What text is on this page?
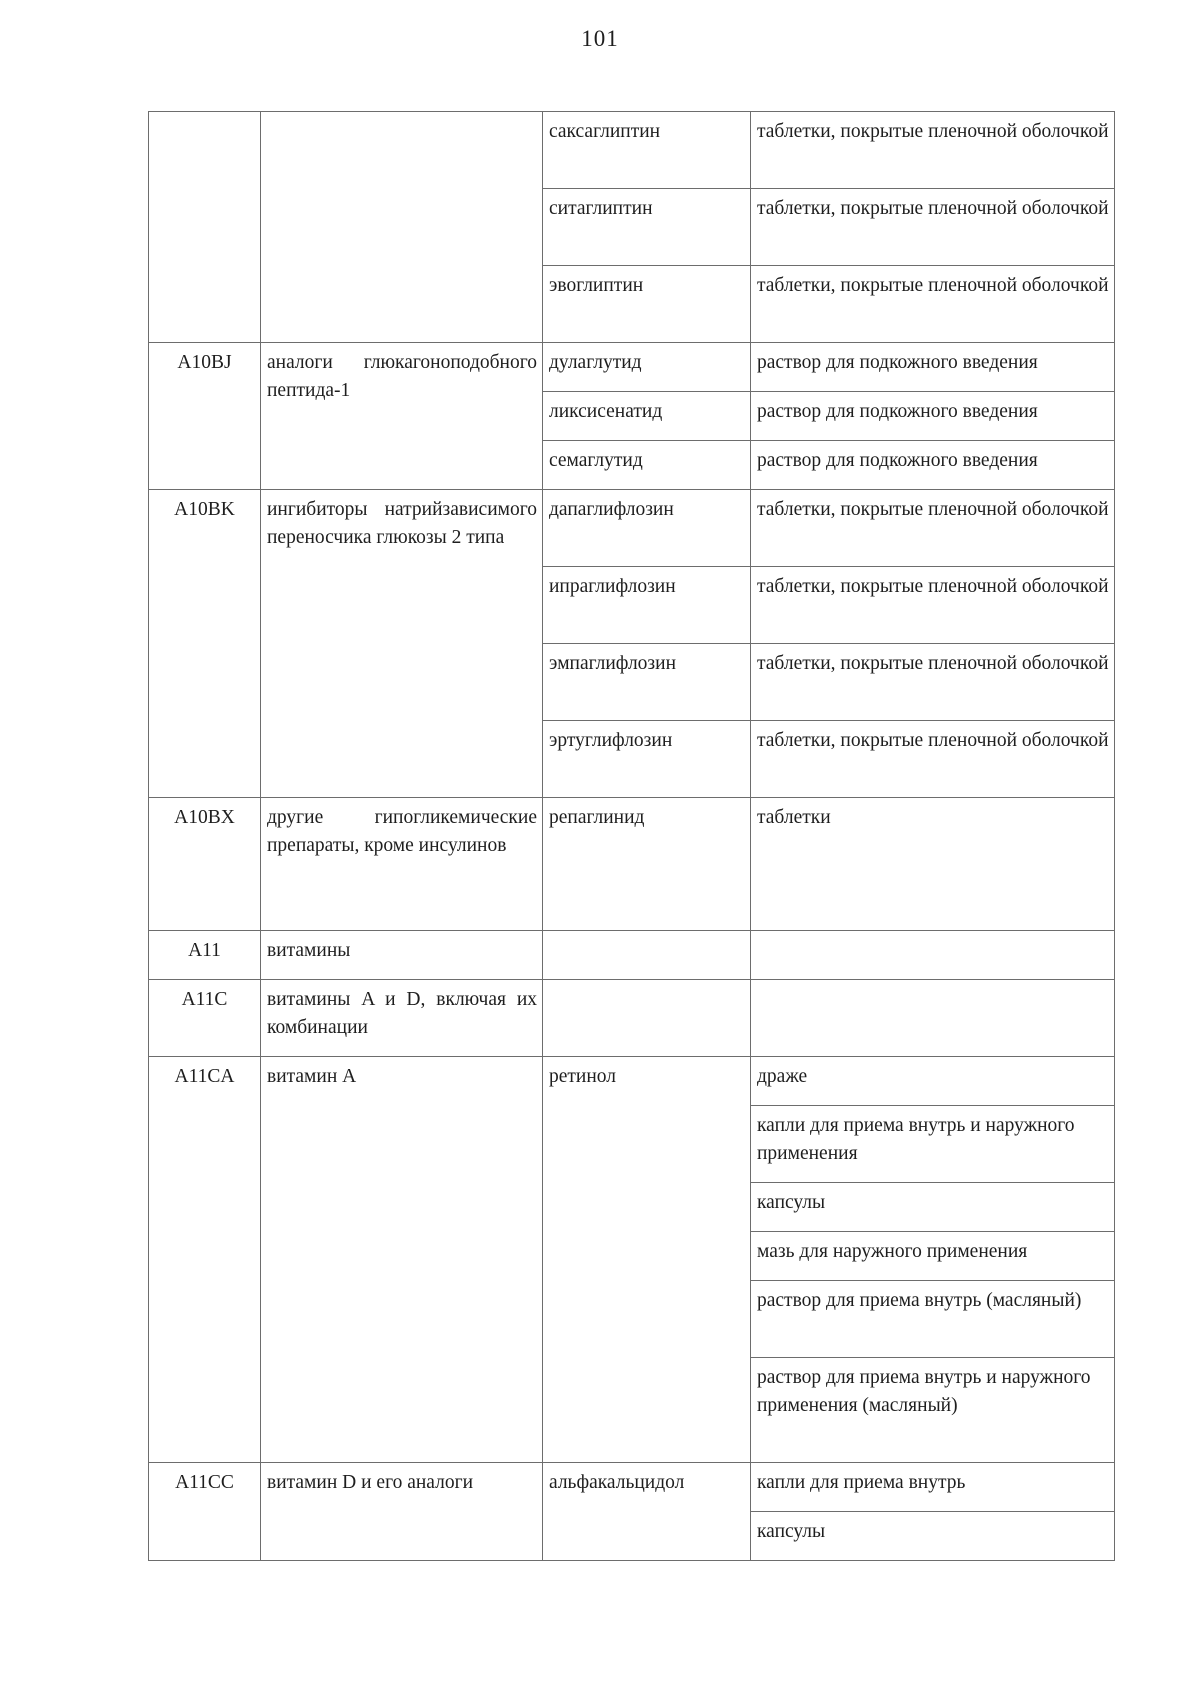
101
		саксаглиптин	таблетки, покрытые пленочной оболочкой
		ситаглиптин	таблетки, покрытые пленочной оболочкой
		эвоглиптин	таблетки, покрытые пленочной оболочкой
A10BJ	аналоги глюкагоноподобного пептида-1	дулаглутид	раствор для подкожного введения
		ликсисенатид	раствор для подкожного введения
		семаглутид	раствор для подкожного введения
A10BK	ингибиторы натрийзависимого переносчика глюкозы 2 типа	дапаглифлозин	таблетки, покрытые пленочной оболочкой
		ипраглифлозин	таблетки, покрытые пленочной оболочкой
		эмпаглифлозин	таблетки, покрытые пленочной оболочкой
		эртуглифлозин	таблетки, покрытые пленочной оболочкой
A10BX	другие гипогликемические препараты, кроме инсулинов	репаглинид	таблетки
A11	витамины		
A11C	витамины A и D, включая их комбинации		
A11CA	витамин A	ретинол	драже
			капли для приема внутрь и наружного применения
			капсулы
			мазь для наружного применения
			раствор для приема внутрь (масляный)
			раствор для приема внутрь и наружного применения (масляный)
A11CC	витамин D и его аналоги	альфакальцидол	капли для приема внутрь
			капсулы
